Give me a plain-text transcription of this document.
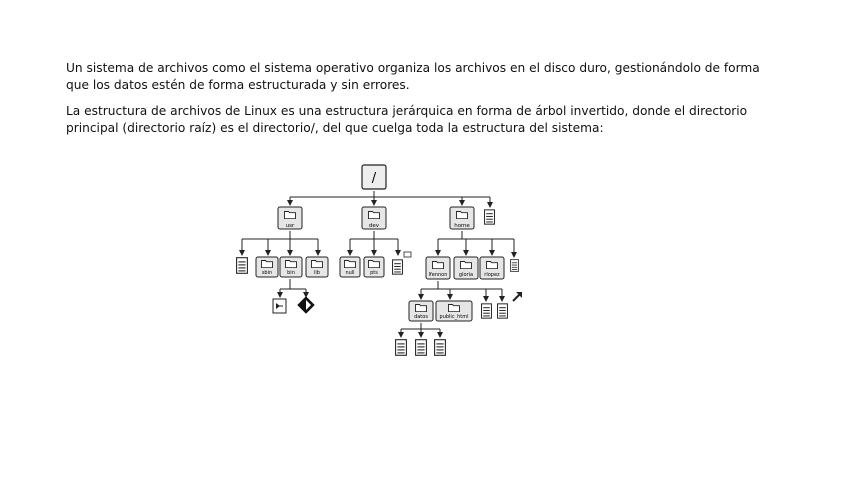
Un sistema de archivos como el sistema operativo organiza los archivos en el disco duro, gestionándolo de forma que los datos estén de forma estructurada y sin errores.

La estructura de archivos de Linux es una estructura jerárquica en forma de árbol invertido, donde el directorio principal (directorio raíz) es el directorio/, del que cuelga toda la estructura del sistema:

/
usr	dev	home
sbin	bin	lib	null	pts	lfennon gloria rlopez
datos public_html
